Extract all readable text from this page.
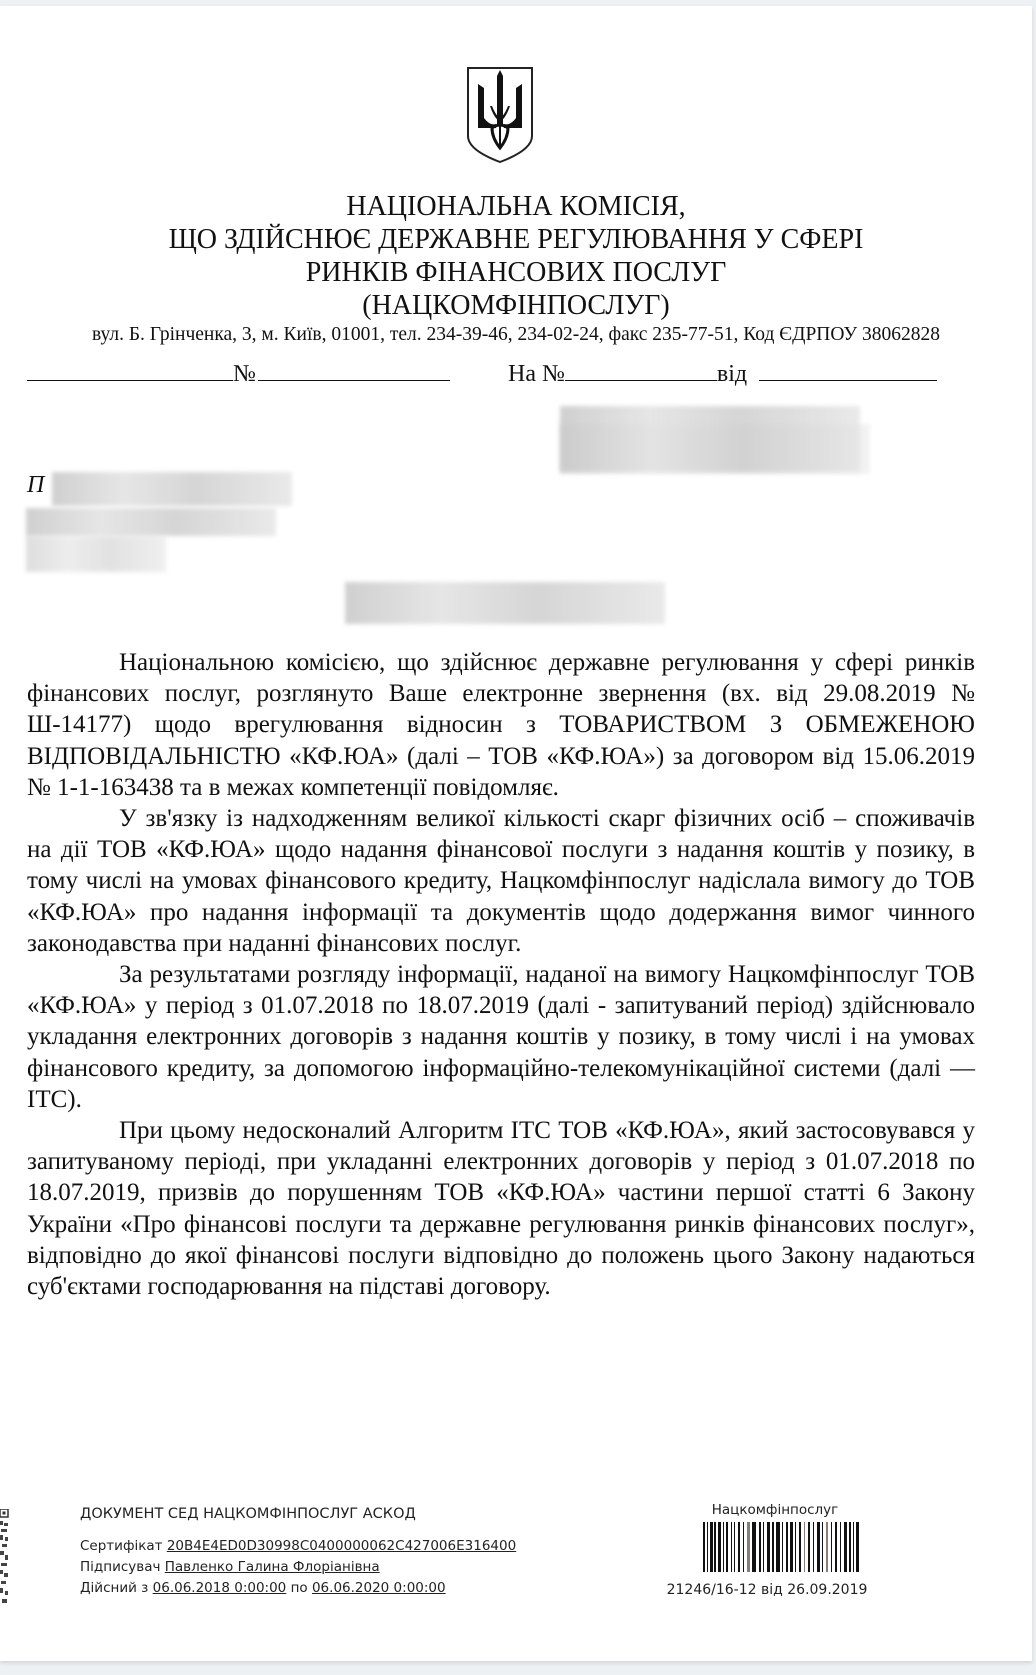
НАЦІОНАЛЬНА КОМІСІЯ,
ЩО ЗДІЙСНЮЄ ДЕРЖАВНЕ РЕГУЛЮВАННЯ У СФЕРІ
РИНКІВ ФІНАНСОВИХ ПОСЛУГ
(НАЦКОМФІНПОСЛУГ)
вул. Б. Грінченка, 3, м. Київ, 01001, тел. 234-39-46, 234-02-24, факс 235-77-51, Код ЄДРПОУ 38062828
№	На №	від
П

Національною комісією, що здійснює державне регулювання у сфері ринків фінансових послуг, розглянуто Ваше електронне звернення (вх. від 29.08.2019 № Ш-14177) щодо врегулювання відносин з ТОВАРИСТВОМ З ОБМЕЖЕНОЮ ВІДПОВІДАЛЬНІСТЮ «КФ.ЮА» (далі – ТОВ «КФ.ЮА») за договором від 15.06.2019 № 1-1-163438 та в межах компетенції повідомляє.

У зв'язку із надходженням великої кількості скарг фізичних осіб – споживачів на дії ТОВ «КФ.ЮА» щодо надання фінансової послуги з надання коштів у позику, в тому числі на умовах фінансового кредиту, Нацкомфінпослуг надіслала вимогу до ТОВ «КФ.ЮА» про надання інформації та документів щодо додержання вимог чинного законодавства при наданні фінансових послуг.

За результатами розгляду інформації, наданої на вимогу Нацкомфінпослуг ТОВ «КФ.ЮА» у період з 01.07.2018 по 18.07.2019 (далі - запитуваний період) здійснювало укладання електронних договорів з надання коштів у позику, в тому числі і на умовах фінансового кредиту, за допомогою інформаційно-телекомунікаційної системи (далі — ІТС).

При цьому недосконалий Алгоритм ІТС ТОВ «КФ.ЮА», який застосовувався у запитуваному періоді, при укладанні електронних договорів у період з 01.07.2018 по 18.07.2019, призвів до порушенням ТОВ «КФ.ЮА» частини першої статті 6 Закону України «Про фінансові послуги та державне регулювання ринків фінансових послуг», відповідно до якої фінансові послуги відповідно до положень цього Закону надаються суб'єктами господарювання на підставі договору.

ДОКУМЕНТ СЕД НАЦКОМФІНПОСЛУГ АСКОД
Сертифікат 20B4E4ED0D30998C0400000062C427006E316400
Підписувач Павленко Галина Флоріанівна
Дійсний з 06.06.2018 0:00:00 по 06.06.2020 0:00:00
Нацкомфінпослуг
21246/16-12 від 26.09.2019
